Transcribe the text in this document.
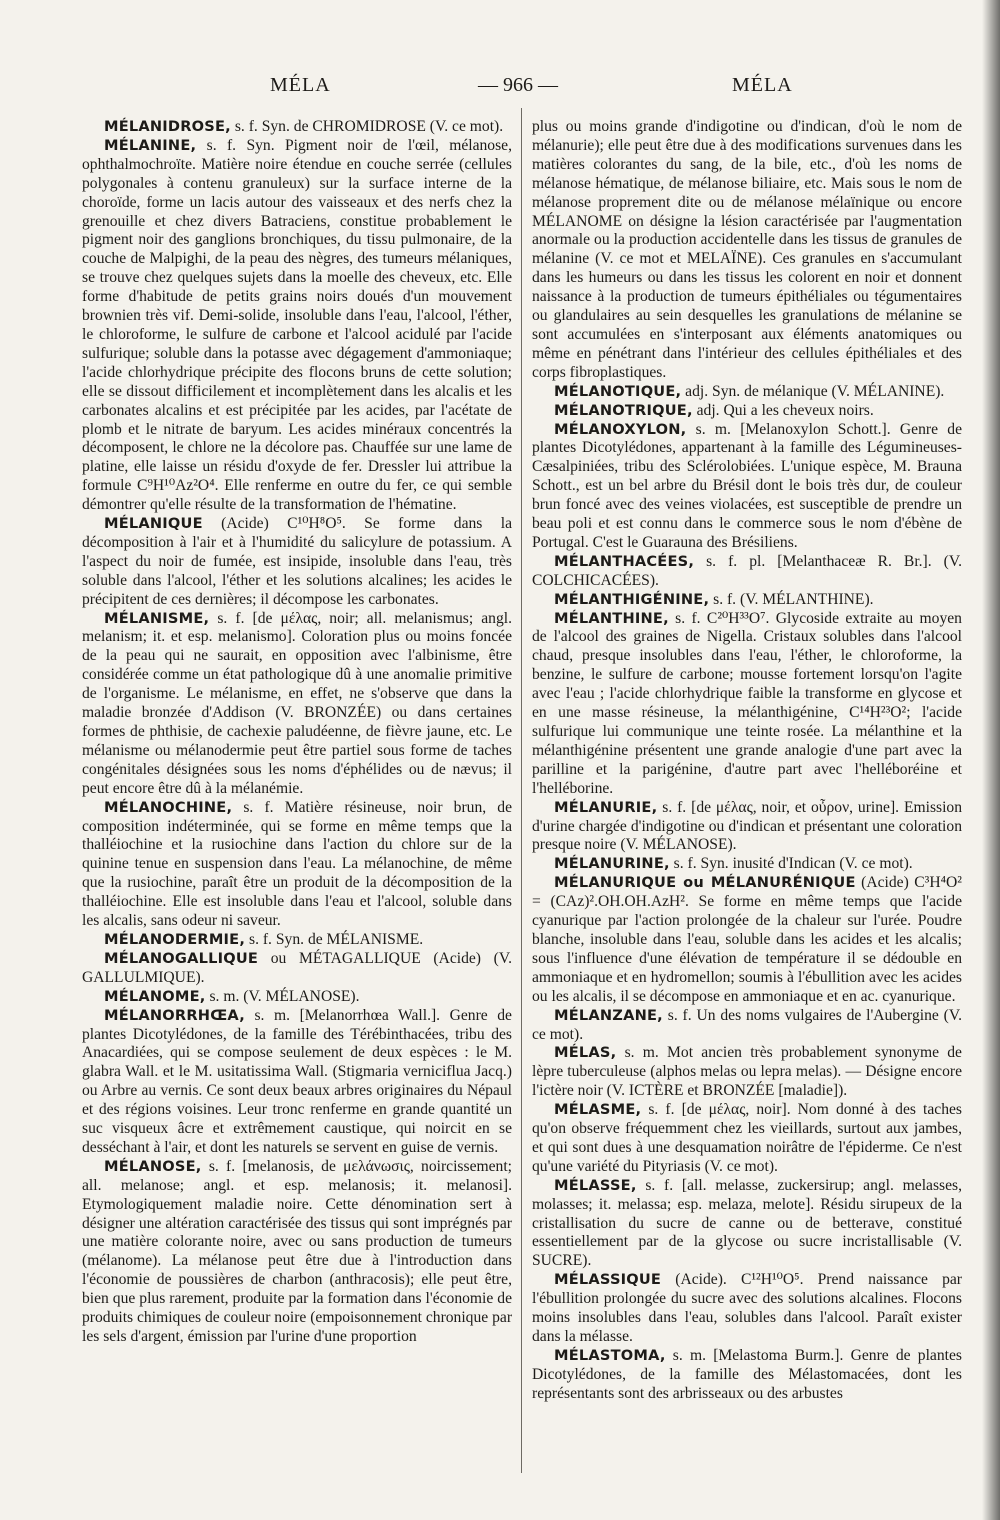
MÉLA	— 966 —	MÉLA

MÉLANIDROSE, s. f. Syn. de CHROMIDROSE (V. ce mot).

MÉLANINE, s. f. Syn. Pigment noir de l'œil, mélanose, ophthalmochroïte. Matière noire étendue en couche serrée (cellules polygonales à contenu granuleux) sur la surface interne de la choroïde, forme un lacis autour des vaisseaux et des nerfs chez la grenouille et chez divers Batraciens, constitue probablement le pigment noir des ganglions bronchiques, du tissu pulmonaire, de la couche de Malpighi, de la peau des nègres, des tumeurs mélaniques, se trouve chez quelques sujets dans la moelle des cheveux, etc. Elle forme d'habitude de petits grains noirs doués d'un mouvement brownien très vif. Demi-solide, insoluble dans l'eau, l'alcool, l'éther, le chloroforme, le sulfure de carbone et l'alcool acidulé par l'acide sulfurique; soluble dans la potasse avec dégagement d'ammoniaque; l'acide chlorhydrique précipite des flocons bruns de cette solution; elle se dissout difficilement et incomplètement dans les alcalis et les carbonates alcalins et est précipitée par les acides, par l'acétate de plomb et le nitrate de baryum. Les acides minéraux concentrés la décomposent, le chlore ne la décolore pas. Chauffée sur une lame de platine, elle laisse un résidu d'oxyde de fer. Dressler lui attribue la formule C⁹H¹⁰Az²O⁴. Elle renferme en outre du fer, ce qui semble démontrer qu'elle résulte de la transformation de l'hématine.

MÉLANIQUE (Acide) C¹⁰H⁸O⁵. Se forme dans la décomposition à l'air et à l'humidité du salicylure de potassium. A l'aspect du noir de fumée, est insipide, insoluble dans l'eau, très soluble dans l'alcool, l'éther et les solutions alcalines; les acides le précipitent de ces dernières; il décompose les carbonates.

MÉLANISME, s. f. [de μέλας, noir; all. melanismus; angl. melanism; it. et esp. melanismo]. Coloration plus ou moins foncée de la peau qui ne saurait, en opposition avec l'albinisme, être considérée comme un état pathologique dû à une anomalie primitive de l'organisme. Le mélanisme, en effet, ne s'observe que dans la maladie bronzée d'Addison (V. BRONZÉE) ou dans certaines formes de phthisie, de cachexie paludéenne, de fièvre jaune, etc. Le mélanisme ou mélanodermie peut être partiel sous forme de taches congénitales désignées sous les noms d'éphélides ou de nævus; il peut encore être dû à la mélanémie.

MÉLANOCHINE, s. f. Matière résineuse, noir brun, de composition indéterminée, qui se forme en même temps que la thalléiochine et la rusiochine dans l'action du chlore sur de la quinine tenue en suspension dans l'eau. La mélanochine, de même que la rusiochine, paraît être un produit de la décomposition de la thalléiochine. Elle est insoluble dans l'eau et l'alcool, soluble dans les alcalis, sans odeur ni saveur.

MÉLANODERMIE, s. f. Syn. de MÉLANISME.

MÉLANOGALLIQUE ou MÉTAGALLIQUE (Acide) (V. GALLULMIQUE).

MÉLANOME, s. m. (V. MÉLANOSE).

MÉLANORRHŒA, s. m. [Melanorrhœa Wall.]. Genre de plantes Dicotylédones, de la famille des Térébinthacées, tribu des Anacardiées, qui se compose seulement de deux espèces : le M. glabra Wall. et le M. usitatissima Wall. (Stigmaria verniciflua Jacq.) ou Arbre au vernis. Ce sont deux beaux arbres originaires du Népaul et des régions voisines. Leur tronc renferme en grande quantité un suc visqueux âcre et extrêmement caustique, qui noircit en se desséchant à l'air, et dont les naturels se servent en guise de vernis.

MÉLANOSE, s. f. [melanosis, de μελάνωσις, noircissement; all. melanose; angl. et esp. melanosis; it. melanosi]. Etymologiquement maladie noire. Cette dénomination sert à désigner une altération caractérisée des tissus qui sont imprégnés par une matière colorante noire, avec ou sans production de tumeurs (mélanome). La mélanose peut être due à l'introduction dans l'économie de poussières de charbon (anthracosis); elle peut être, bien que plus rarement, produite par la formation dans l'économie de produits chimiques de couleur noire (empoisonnement chronique par les sels d'argent, émission par l'urine d'une proportion

plus ou moins grande d'indigotine ou d'indican, d'où le nom de mélanurie); elle peut être due à des modifications survenues dans les matières colorantes du sang, de la bile, etc., d'où les noms de mélanose hématique, de mélanose biliaire, etc. Mais sous le nom de mélanose proprement dite ou de mélanose mélaïnique ou encore MÉLANOME on désigne la lésion caractérisée par l'augmentation anormale ou la production accidentelle dans les tissus de granules de mélanine (V. ce mot et MELAÏNE). Ces granules en s'accumulant dans les humeurs ou dans les tissus les colorent en noir et donnent naissance à la production de tumeurs épithéliales ou tégumentaires ou glandulaires au sein desquelles les granulations de mélanine se sont accumulées en s'interposant aux éléments anatomiques ou même en pénétrant dans l'intérieur des cellules épithéliales et des corps fibroplastiques.

MÉLANOTIQUE, adj. Syn. de mélanique (V. MÉLANINE).

MÉLANOTRIQUE, adj. Qui a les cheveux noirs.

MÉLANOXYLON, s. m. [Melanoxylon Schott.]. Genre de plantes Dicotylédones, appartenant à la famille des Légumineuses-Cæsalpiniées, tribu des Sclérolobiées. L'unique espèce, M. Brauna Schott., est un bel arbre du Brésil dont le bois très dur, de couleur brun foncé avec des veines violacées, est susceptible de prendre un beau poli et est connu dans le commerce sous le nom d'ébène de Portugal. C'est le Guarauna des Brésiliens.

MÉLANTHACÉES, s. f. pl. [Melanthaceæ R. Br.]. (V. COLCHICACÉES).

MÉLANTHIGÉNINE, s. f. (V. MÉLANTHINE).

MÉLANTHINE, s. f. C²⁰H³³O⁷. Glycoside extraite au moyen de l'alcool des graines de Nigella. Cristaux solubles dans l'alcool chaud, presque insolubles dans l'eau, l'éther, le chloroforme, la benzine, le sulfure de carbone; mousse fortement lorsqu'on l'agite avec l'eau ; l'acide chlorhydrique faible la transforme en glycose et en une masse résineuse, la mélanthigénine, C¹⁴H²³O²; l'acide sulfurique lui communique une teinte rosée. La mélanthine et la mélanthigénine présentent une grande analogie d'une part avec la parilline et la parigénine, d'autre part avec l'helléboréine et l'helléborine.

MÉLANURIE, s. f. [de μέλας, noir, et οὖρον, urine]. Emission d'urine chargée d'indigotine ou d'indican et présentant une coloration presque noire (V. MÉLANOSE).

MÉLANURINE, s. f. Syn. inusité d'Indican (V. ce mot).

MÉLANURIQUE ou MÉLANURÉNIQUE (Acide) C³H⁴O² = (CAz)².OH.OH.AzH². Se forme en même temps que l'acide cyanurique par l'action prolongée de la chaleur sur l'urée. Poudre blanche, insoluble dans l'eau, soluble dans les acides et les alcalis; sous l'influence d'une élévation de température il se dédouble en ammoniaque et en hydromellon; soumis à l'ébullition avec les acides ou les alcalis, il se décompose en ammoniaque et en ac. cyanurique.

MÉLANZANE, s. f. Un des noms vulgaires de l'Aubergine (V. ce mot).

MÉLAS, s. m. Mot ancien très probablement synonyme de lèpre tuberculeuse (alphos melas ou lepra melas). — Désigne encore l'ictère noir (V. ICTÈRE et BRONZÉE [maladie]).

MÉLASME, s. f. [de μέλας, noir]. Nom donné à des taches qu'on observe fréquemment chez les vieillards, surtout aux jambes, et qui sont dues à une desquamation noirâtre de l'épiderme. Ce n'est qu'une variété du Pityriasis (V. ce mot).

MÉLASSE, s. f. [all. melasse, zuckersirup; angl. melasses, molasses; it. melassa; esp. melaza, melote]. Résidu sirupeux de la cristallisation du sucre de canne ou de betterave, constitué essentiellement par de la glycose ou sucre incristallisable (V. SUCRE).

MÉLASSIQUE (Acide). C¹²H¹⁰O⁵. Prend naissance par l'ébullition prolongée du sucre avec des solutions alcalines. Flocons moins insolubles dans l'eau, solubles dans l'alcool. Paraît exister dans la mélasse.

MÉLASTOMA, s. m. [Melastoma Burm.]. Genre de plantes Dicotylédones, de la famille des Mélastomacées, dont les représentants sont des arbrisseaux ou des arbustes
